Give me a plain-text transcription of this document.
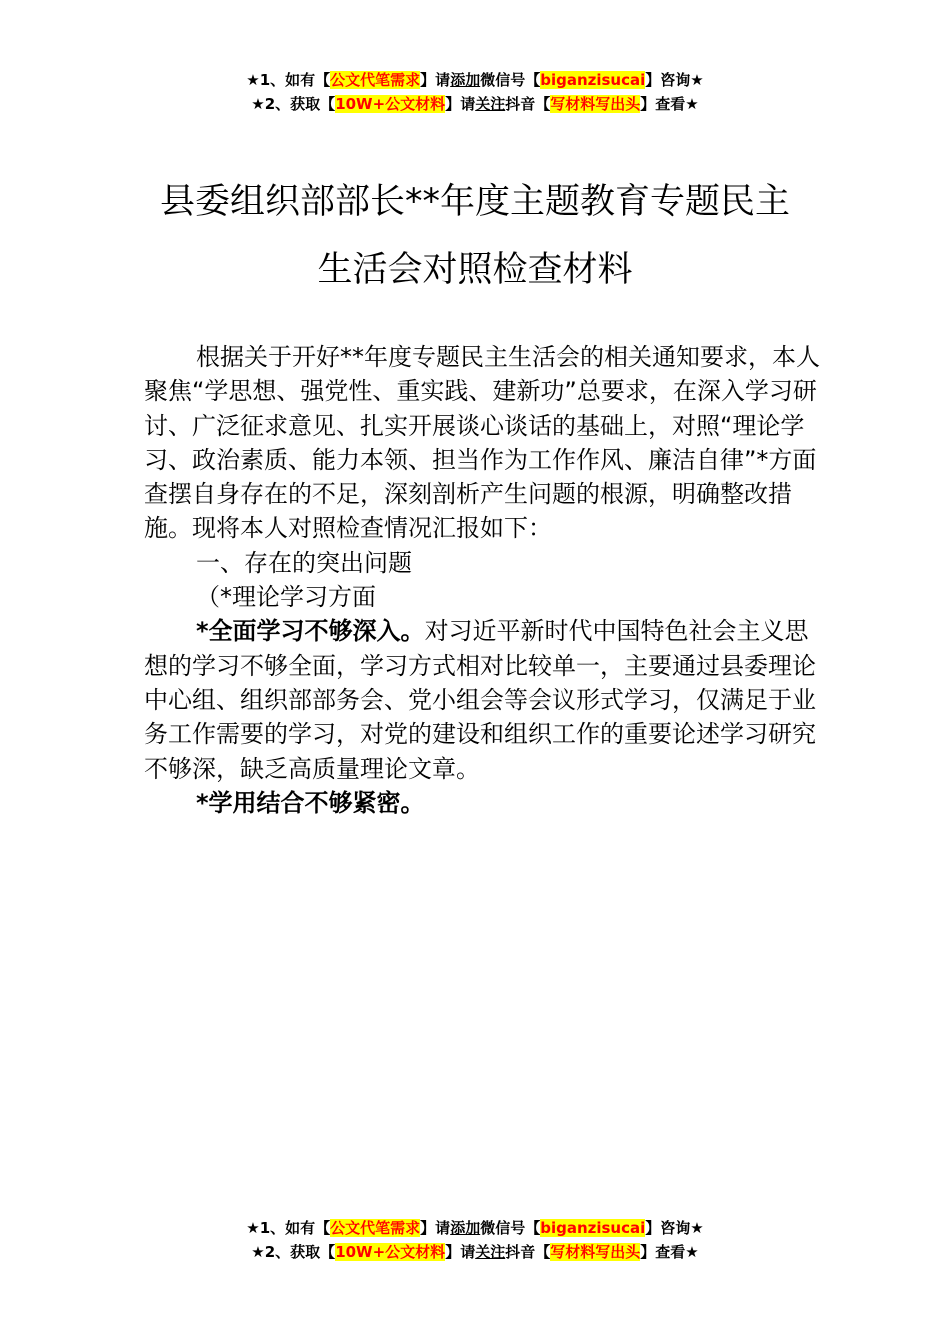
★1、如有【公文代笔需求】请添加微信号【biganzisucai】咨询★
★2、获取【10W+公文材料】请关注抖音【写材料写出头】查看★
县委组织部部长**年度主题教育专题民主
生活会对照检查材料

根据关于开好**年度专题民主生活会的相关通知要求，本人聚焦“学思想、强党性、重实践、建新功”总要求，在深入学习研讨、广泛征求意见、扎实开展谈心谈话的基础上，对照“理论学习、政治素质、能力本领、担当作为工作作风、廉洁自律”*方面查摆自身存在的不足，深刻剖析产生问题的根源，明确整改措施。现将本人对照检查情况汇报如下：

一、存在的突出问题

（*理论学习方面

*全面学习不够深入。对习近平新时代中国特色社会主义思想的学习不够全面，学习方式相对比较单一，主要通过县委理论中心组、组织部部务会、党小组会等会议形式学习，仅满足于业务工作需要的学习，对党的建设和组织工作的重要论述学习研究不够深，缺乏高质量理论文章。

*学用结合不够紧密。

★1、如有【公文代笔需求】请添加微信号【biganzisucai】咨询★
★2、获取【10W+公文材料】请关注抖音【写材料写出头】查看★
